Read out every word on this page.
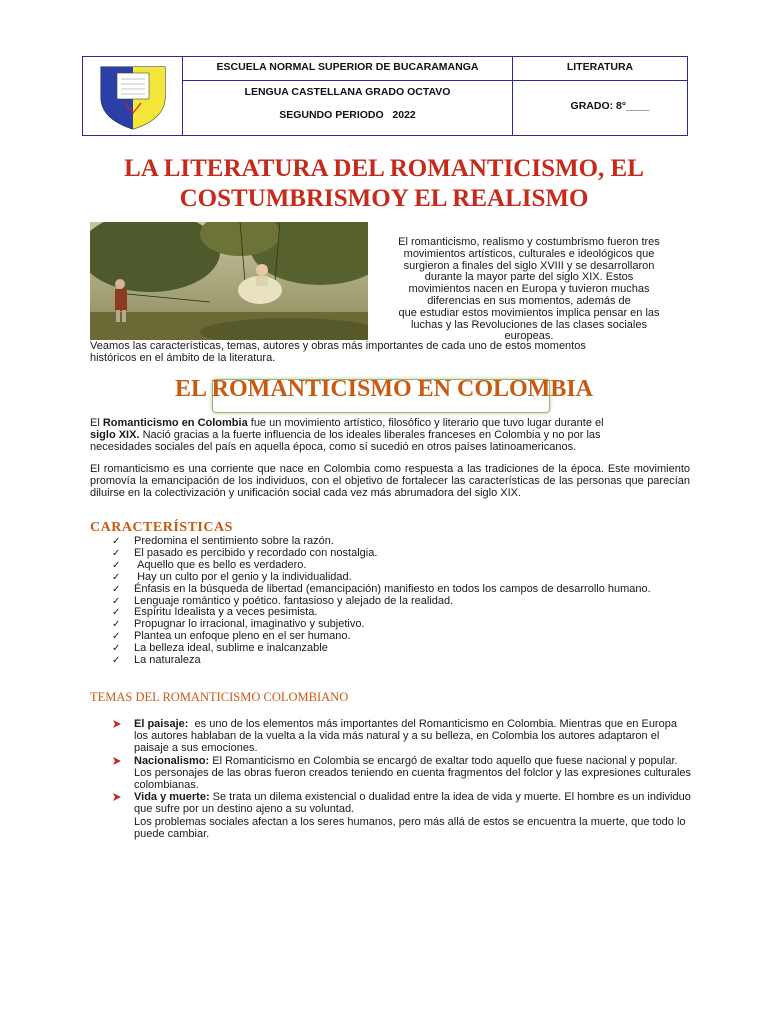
ESCUELA NORMAL SUPERIOR DE BUCARAMANGA	LITERATURA
LENGUA CASTELLANA GRADO OCTAVO
SEGUNDO PERIODO   2022
GRADO: 8°____
LA LITERATURA DEL ROMANTICISMO, EL
COSTUMBRISMOY EL REALISMO
El romanticismo, realismo y costumbrismo fueron tres
movimientos artísticos, culturales e ideológicos que
surgieron a finales del siglo XVIII y se desarrollaron
durante la mayor parte del siglo XIX. Estos
movimientos nacen en Europa y tuvieron muchas
diferencias en sus momentos, además de
que estudiar estos movimientos implica pensar en las
luchas y las Revoluciones de las clases sociales
europeas.
Veamos las características, temas, autores y obras más importantes de cada uno de estos momentos
históricos en el ámbito de la literatura.
EL ROMANTICISMO EN COLOMBIA
El Romanticismo en Colombia fue un movimiento artístico, filosófico y literario que tuvo lugar durante el
siglo XIX. Nació gracias a la fuerte influencia de los ideales liberales franceses en Colombia y no por las
necesidades sociales del país en aquella época, como sí sucedió en otros países latinoamericanos.
El romanticismo es una corriente que nace en Colombia como respuesta a las tradiciones de la época. Este movimiento promovía la emancipación de los individuos, con el objetivo de fortalecer las características de las personas que parecían diluirse en la colectivización y unificación social cada vez más abrumadora del siglo XIX.
CARACTERÍSTICAS
✓ Predomina el sentimiento sobre la razón.
✓ El pasado es percibido y recordado con nostalgia.
✓ Aquello que es bello es verdadero.
✓ Hay un culto por el genio y la individualidad.
✓ Énfasis en la búsqueda de libertad (emancipación) manifiesto en todos los campos de desarrollo humano.
✓ Lenguaje romántico y poético. fantasioso y alejado de la realidad.
✓ Espíritu Idealista y a veces pesimista.
✓ Propugnar lo irracional, imaginativo y subjetivo.
✓ Plantea un enfoque pleno en el ser humano.
✓ La belleza ideal, sublime e inalcanzable
✓ La naturaleza
TEMAS DEL ROMANTICISMO COLOMBIANO
El paisaje:  es uno de los elementos más importantes del Romanticismo en Colombia. Mientras que en Europa los autores hablaban de la vuelta a la vida más natural y a su belleza, en Colombia los autores adaptaron el paisaje a sus emociones.
Nacionalismo: El Romanticismo en Colombia se encargó de exaltar todo aquello que fuese nacional y popular. Los personajes de las obras fueron creados teniendo en cuenta fragmentos del folclor y las expresiones culturales colombianas.
Vida y muerte: Se trata un dilema existencial o dualidad entre la idea de vida y muerte. El hombre es un individuo que sufre por un destino ajeno a su voluntad.
Los problemas sociales afectan a los seres humanos, pero más allá de estos se encuentra la muerte, que todo lo puede cambiar.
